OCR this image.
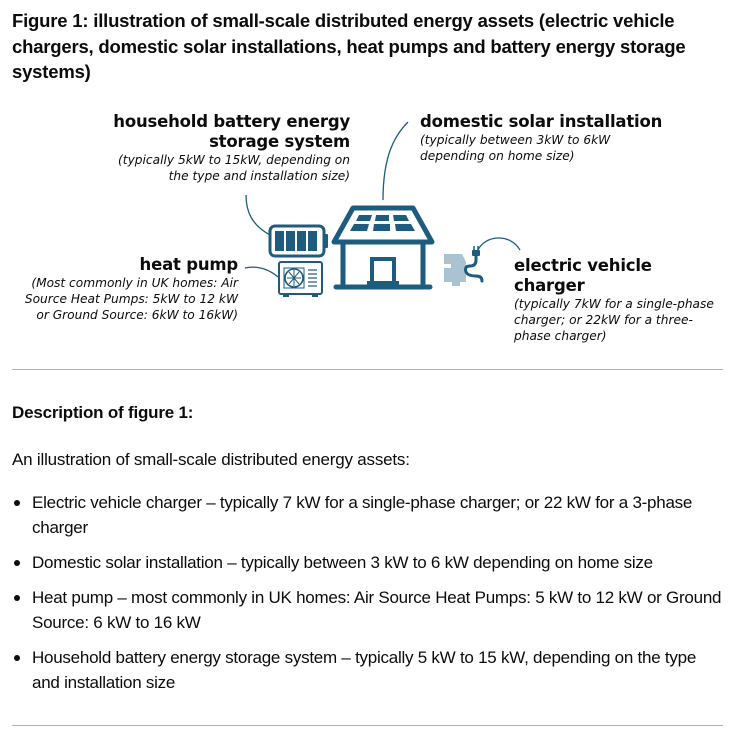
Figure 1: illustration of small-scale distributed energy assets (electric vehicle chargers, domestic solar installations, heat pumps and battery energy storage systems)
household battery energy
storage system
(typically 5kW to 15kW, depending on
the type and installation size)
domestic solar installation
(typically between 3kW to 6kW
depending on home size)
heat pump
(Most commonly in UK homes: Air
Source Heat Pumps: 5kW to 12 kW
or Ground Source: 6kW to 16kW)
electric vehicle charger
(typically 7kW for a single-phase
charger; or 22kW for a three-
phase charger)
Description of figure 1:

An illustration of small-scale distributed energy assets:

Electric vehicle charger – typically 7 kW for a single-phase charger; or 22 kW for a 3-phase charger
Domestic solar installation – typically between 3 kW to 6 kW depending on home size
Heat pump – most commonly in UK homes: Air Source Heat Pumps: 5 kW to 12 kW or Ground Source: 6 kW to 16 kW
Household battery energy storage system – typically 5 kW to 15 kW, depending on the type and installation size
